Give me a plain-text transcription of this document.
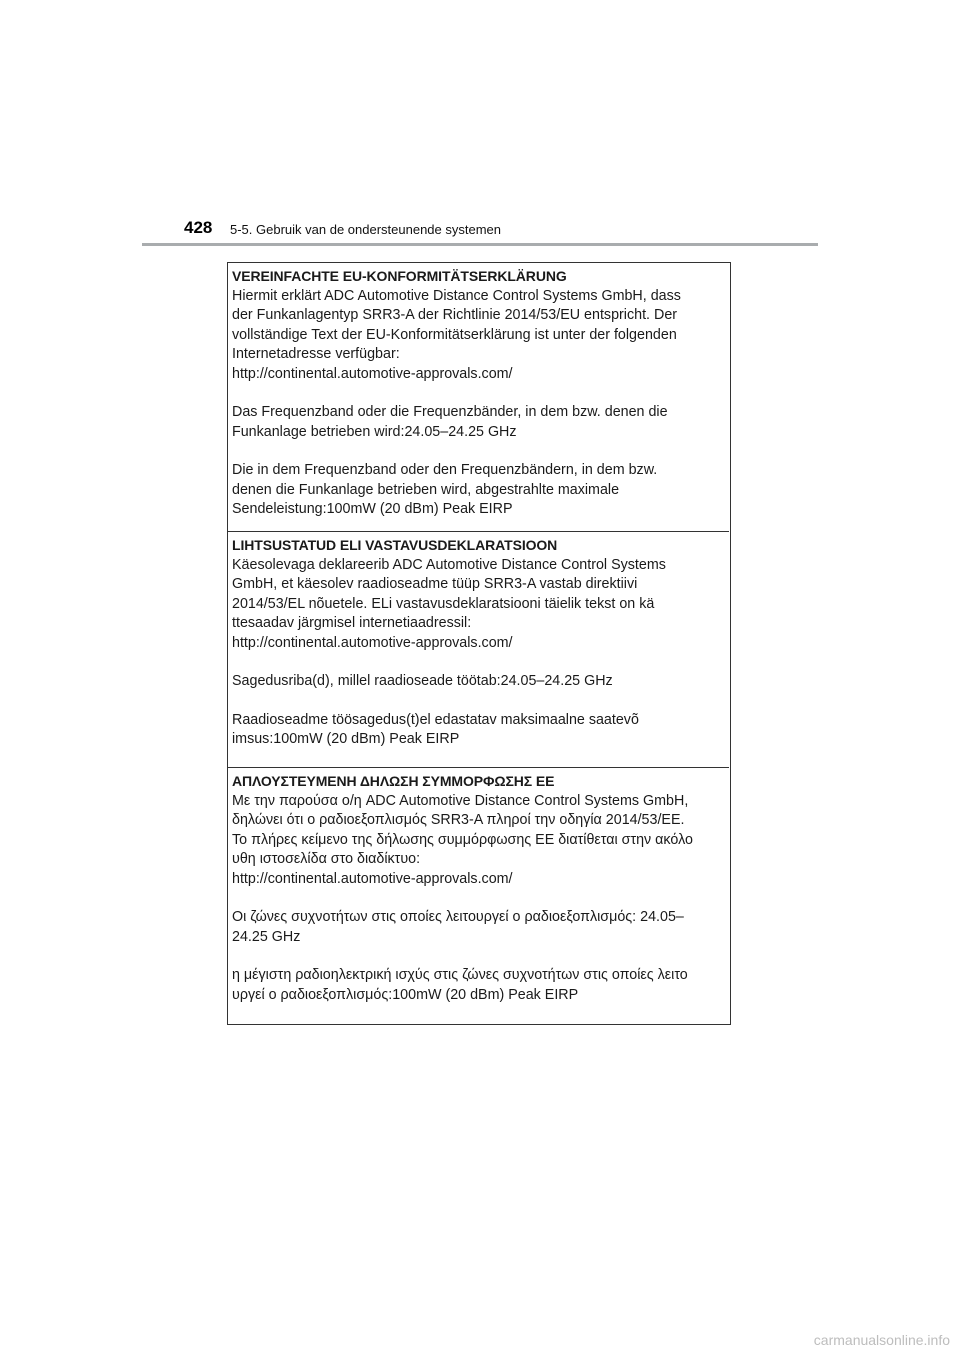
428 5-5. Gebruik van de ondersteunende systemen
VEREINFACHTE EU-KONFORMITÄTSERKLÄRUNG
Hiermit erklärt ADC Automotive Distance Control Systems GmbH, dass
der Funkanlagentyp SRR3-A der Richtlinie 2014/53/EU entspricht. Der
vollständige Text der EU-Konformitätserklärung ist unter der folgenden
Internetadresse verfügbar:
http://continental.automotive-approvals.com/
Das Frequenzband oder die Frequenzbänder, in dem bzw. denen die
Funkanlage betrieben wird:24.05–24.25 GHz
Die in dem Frequenzband oder den Frequenzbändern, in dem bzw.
denen die Funkanlage betrieben wird, abgestrahlte maximale
Sendeleistung:100mW (20 dBm) Peak EIRP
LIHTSUSTATUD ELI VASTAVUSDEKLARATSIOON
Käesolevaga deklareerib ADC Automotive Distance Control Systems
GmbH, et käesolev raadioseadme tüüp SRR3-A vastab direktiivi
2014/53/EL nõuetele. ELi vastavusdeklaratsiooni täielik tekst on kä
ttesaadav järgmisel internetiaadressil:
http://continental.automotive-approvals.com/
Sagedusriba(d), millel raadioseade töötab:24.05–24.25 GHz
Raadioseadme töösagedus(t)el edastatav maksimaalne saatevõ
imsus:100mW (20 dBm) Peak EIRP
ΑΠΛΟΥΣΤΕΥΜΕΝΗ ΔΗΛΩΣΗ ΣΥΜΜΟΡΦΩΣΗΣ ΕΕ
Με την παρούσα ο/η ADC Automotive Distance Control Systems GmbH,
δηλώνει ότι ο ραδιοεξοπλισμός SRR3-A πληροί την οδηγία 2014/53/ΕΕ.
Το πλήρες κείμενο της δήλωσης συμμόρφωσης ΕΕ διατίθεται στην ακόλο
υθη ιστοσελίδα στο διαδίκτυο:
http://continental.automotive-approvals.com/
Οι ζώνες συχνοτήτων στις οποίες λειτουργεί ο ραδιοεξοπλισμός: 24.05–
24.25 GHz
η μέγιστη ραδιοηλεκτρική ισχύς στις ζώνες συχνοτήτων στις οποίες λειτο
υργεί ο ραδιοεξοπλισμός:100mW (20 dBm) Peak EIRP
carmanualsonline.info
